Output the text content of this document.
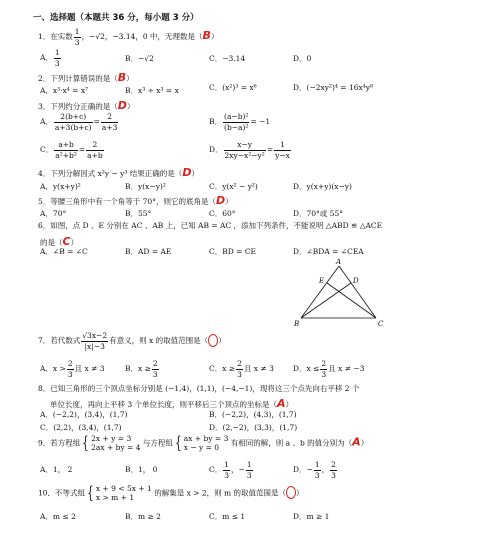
一、选择题（本题共 36 分，每小题 3 分）
1．在实数 $\frac{1}{3}$ ，−√2，−3.14，0 中，无理数是（B）
A． $\frac{1}{3}$	B．−√2	C．−3.14	D．0
2．下列计算错误的是（B）
A．x³·x⁴ = x⁷	B．x³ ÷ x³ = x	C．(x²)³ = x⁶	D．(−2xy²)⁴ = 16x⁴y⁸
3．下列约分正确的是（D）
A． $\frac{2(b+c)}{a+3(b+c)} = \frac{2}{a+3}$	B． $\frac{\text{(a−b)²}}{\text{(b−a)²}} = -1$
C． $\frac{a+b}{\text{a²+b²}} = \frac{2}{a+b}$	D． $\frac{x-y}{\text{2xy−x²−y²}} = \frac{1}{y-x}$
4．下列分解因式 x²y − y³ 结果正确的是（D）
A．y(x+y)²	B．y(x−y)²	C．y(x² − y²)	D．y(x+y)(x−y)
5．等腰三角形中有一个角等于 70°，则它的底角是（D）
A．70°	B．55°	C．60°	D．70°或 55°
6．如图，点 D 、E 分别在 AC 、AB 上，已知 AB = AC ，添加下列条件，不能说明 △ABD ≌ △ACE
的是（C）
A．∠B = ∠C	B．AD = AE	C．BD = CE	D．∠BDA = ∠CEA
A
B	C
D
E
7．若代数式 $\frac{√3x-2}{|x|-3}$ 有意义，则 x 的取值范围是（ ）
A．$x > \frac{2}{3}$ 且 x ≠ 3	B．$x \ge \frac{2}{3}$	C．$x \ge \frac{2}{3}$ 且 x ≠ 3	D．$x \le \frac{2}{3}$ 且 x ≠ −3
8．已知三角形的三个顶点坐标分别是 (−1,4)，(1,1)，(−4,−1)，现将这三个点先向右平移 2 个
单位长度，再向上平移 3 个单位长度，则平移后三个顶点的坐标是（A）
A．(−2,2)，(3,4)，(1,7)	B．(−2,2)，(4,3)，(1,7)
C．(2,2)，(3,4)，(1,7)	D．(2,−2)，(3,3)，(1,7)
9．若方程组 { 2x + y = 3
2ax + by = 4
与方程组 { ax + by = 3
x − y = 0
有相同的解，则 a 、b 的值分别为（A）
A．1， 2	B．1， 0	C． $\frac{1}{3}$ ，− $\frac{1}{3}$	D．− $\frac{1}{3}$ ， $\frac{2}{3}$
10．不等式组 { x + 9 < 5x + 1
x > m + 1
的解集是 x > 2，则 m 的取值范围是（ ）
A．m ≤ 2	B．m ≥ 2	C．m ≤ 1	D．m ≥ 1
